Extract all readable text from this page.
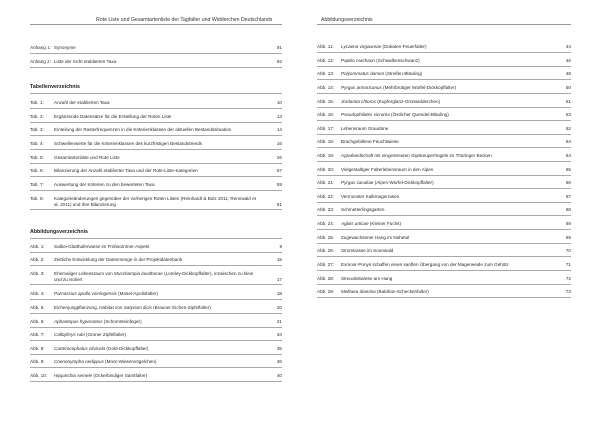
Rote Liste und Gesamtartenliste der Tagfalter und Widderchen Deutschlands	Abbildungsverzeichnis
Tabellenverzeichnis
Abbildungsverzeichnis
Anhang 1: Synonyme	91
Anhang 2: Liste der nicht etablierten Taxa	92
Tab. 1: Anzahl der etablierten Taxa	10
Tab. 2: Ergänzende Datensätze für die Erstellung der Roten Liste	13
Tab. 3: Einteilung der Rasterfrequenzen in die Kriterienklassen der aktuellen Bestandssituation	14
Tab. 4: Schwellenwerte für die Kriterienklassen des kurzfristigen Bestandstrends	16
Tab. 5: Gesamtartenliste und Rote Liste	26
Tab. 6: Bilanzierung der Anzahl etablierter Taxa und der Rote-Liste-Kategorien	57
Tab. 7: Auswertung der Kriterien zu den bewerteten Taxa	59
Tab. 8: Kategorieänderungen gegenüber der vorherigen Roten Listen (Reinhardt & Bolz 2011; Rennwald et al. 2011) und ihre Bilanzierung	61
Abb. 1: Salbei-Glatthaferwiese im Frühsommer-Aspekt	9
Abb. 2: Zeitliche Entwicklung der Datenmenge in der Projektdatenbank	15
Abb. 3: Ehemaliger Lebensraum von Muschampia lavatherae (Loreley-Dickkopffalter), inzwischen zu klein und zu isoliert	17
Abb. 4: Parnassius apollo vinningensis (Mosel-Apollofalter)	18
Abb. 5: Eichenjungpflanzung, Habitat von Satyrium ilicis (Brauner Eichen-Zipfelfalter)	20
Abb. 6: Aphantopus hyperantus (Schornsteinfeger)	21
Abb. 7: Callophrys rubi (Grüner Zipfelfalter)	34
Abb. 8: Carterocephalus silvicola (Gold-Dickkopffalter)	35
Abb. 9: Coenonympha oedippus (Moor-Wiesenvögelchen)	36
Abb. 10: Hipparchia semele (Ockerbindiger Samtfalter)	40
Abb. 11: Lycaena virgaureae (Dukaten-Feuerfalter)	44
Abb. 12: Papilio machaon (Schwalbenschwanz)	46
Abb. 13: Polyommatus damon (Streifen-Bläuling)	48
Abb. 14: Pyrgus armoricanus (Mehrbrütiger Würfel-Dickkopffalter)	50
Abb. 15: Jordanita chloros (Kupferglanz-Grünwidderchen)	51
Abb. 16: Pseudophilotes vicrama (Östlicher Quendel-Bläuling)	53
Abb. 17: Lebensraum Graudüne	62
Abb. 18: Brachgefallene Feuchtwiese	64
Abb. 19: Agrarlandschaft mit eingestreuten Gipskeuperhügeln im Thüringer Becken	64
Abb. 20: Vielgestaltiger Falterlebensraum in den Alpen	65
Abb. 21: Pyrgus cacaliae (Alpen-Würfel-Dickkopffalter)	66
Abb. 22: Vermooster Kalkmagerrasen	67
Abb. 23: Schmetterlingsgarten	68
Abb. 24: Aglais urticae (Kleiner Fuchs)	69
Abb. 25: Zugewachsener Hang im Nahetal	69
Abb. 26: Stromtrasse im Soonwald	70
Abb. 27: Exmoor-Ponys schaffen einen sanften Übergang von der Magerweide zum Gehölz	71
Abb. 28: Streuobstwiese am Hang	72
Abb. 29: Melitaea diamina (Baldrian-Scheckenfalter)	73
